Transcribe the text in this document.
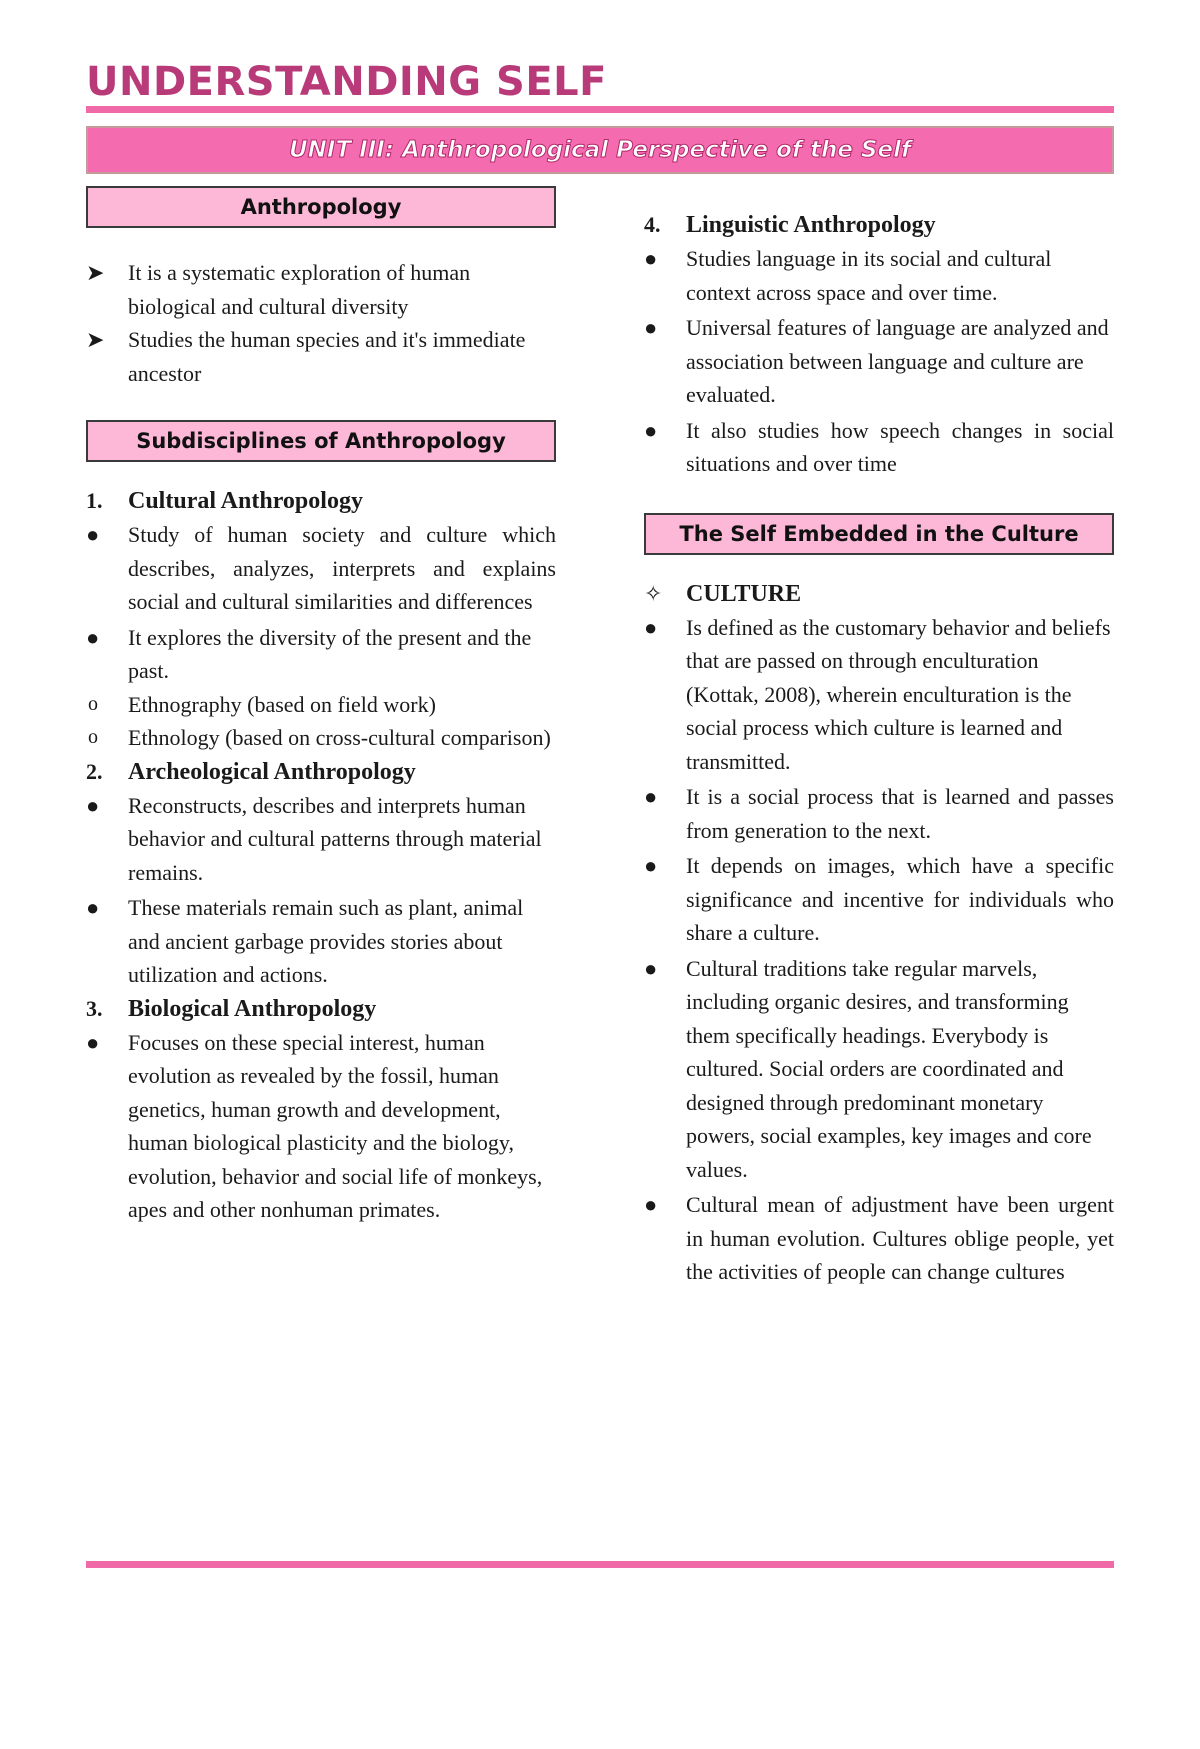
UNDERSTANDING SELF
UNIT III: Anthropological Perspective of the Self
Anthropology
➤	It is a systematic exploration of human biological and cultural diversity
➤	Studies the human species and it's immediate ancestor
Subdisciplines of Anthropology
1.	Cultural Anthropology
●	Study of human society and culture which describes, analyzes, interprets and explains social and cultural similarities and differences
●	It explores the diversity of the present and the past.
o	Ethnography (based on field work)
o	Ethnology (based on cross-cultural comparison)
2.	Archeological Anthropology
●	Reconstructs, describes and interprets human behavior and cultural patterns through material remains.
●	These materials remain such as plant, animal and ancient garbage provides stories about utilization and actions.
3.	Biological Anthropology
●	Focuses on these special interest, human evolution as revealed by the fossil, human genetics, human growth and development, human biological plasticity and the biology, evolution, behavior and social life of monkeys, apes and other nonhuman primates.
4.	Linguistic Anthropology
●	Studies language in its social and cultural context across space and over time.
●	Universal features of language are analyzed and association between language and culture are evaluated.
●	It also studies how speech changes in social situations and over time
The Self Embedded in the Culture
✧ CULTURE
●	Is defined as the customary behavior and beliefs that are passed on through enculturation (Kottak, 2008), wherein enculturation is the social process which culture is learned and transmitted.
●	It is a social process that is learned and passes from generation to the next.
●	It depends on images, which have a specific significance and incentive for individuals who share a culture.
●	Cultural traditions take regular marvels, including organic desires, and transforming them specifically headings. Everybody is cultured. Social orders are coordinated and designed through predominant monetary powers, social examples, key images and core values.
●	Cultural mean of adjustment have been urgent in human evolution. Cultures oblige people, yet the activities of people can change cultures
